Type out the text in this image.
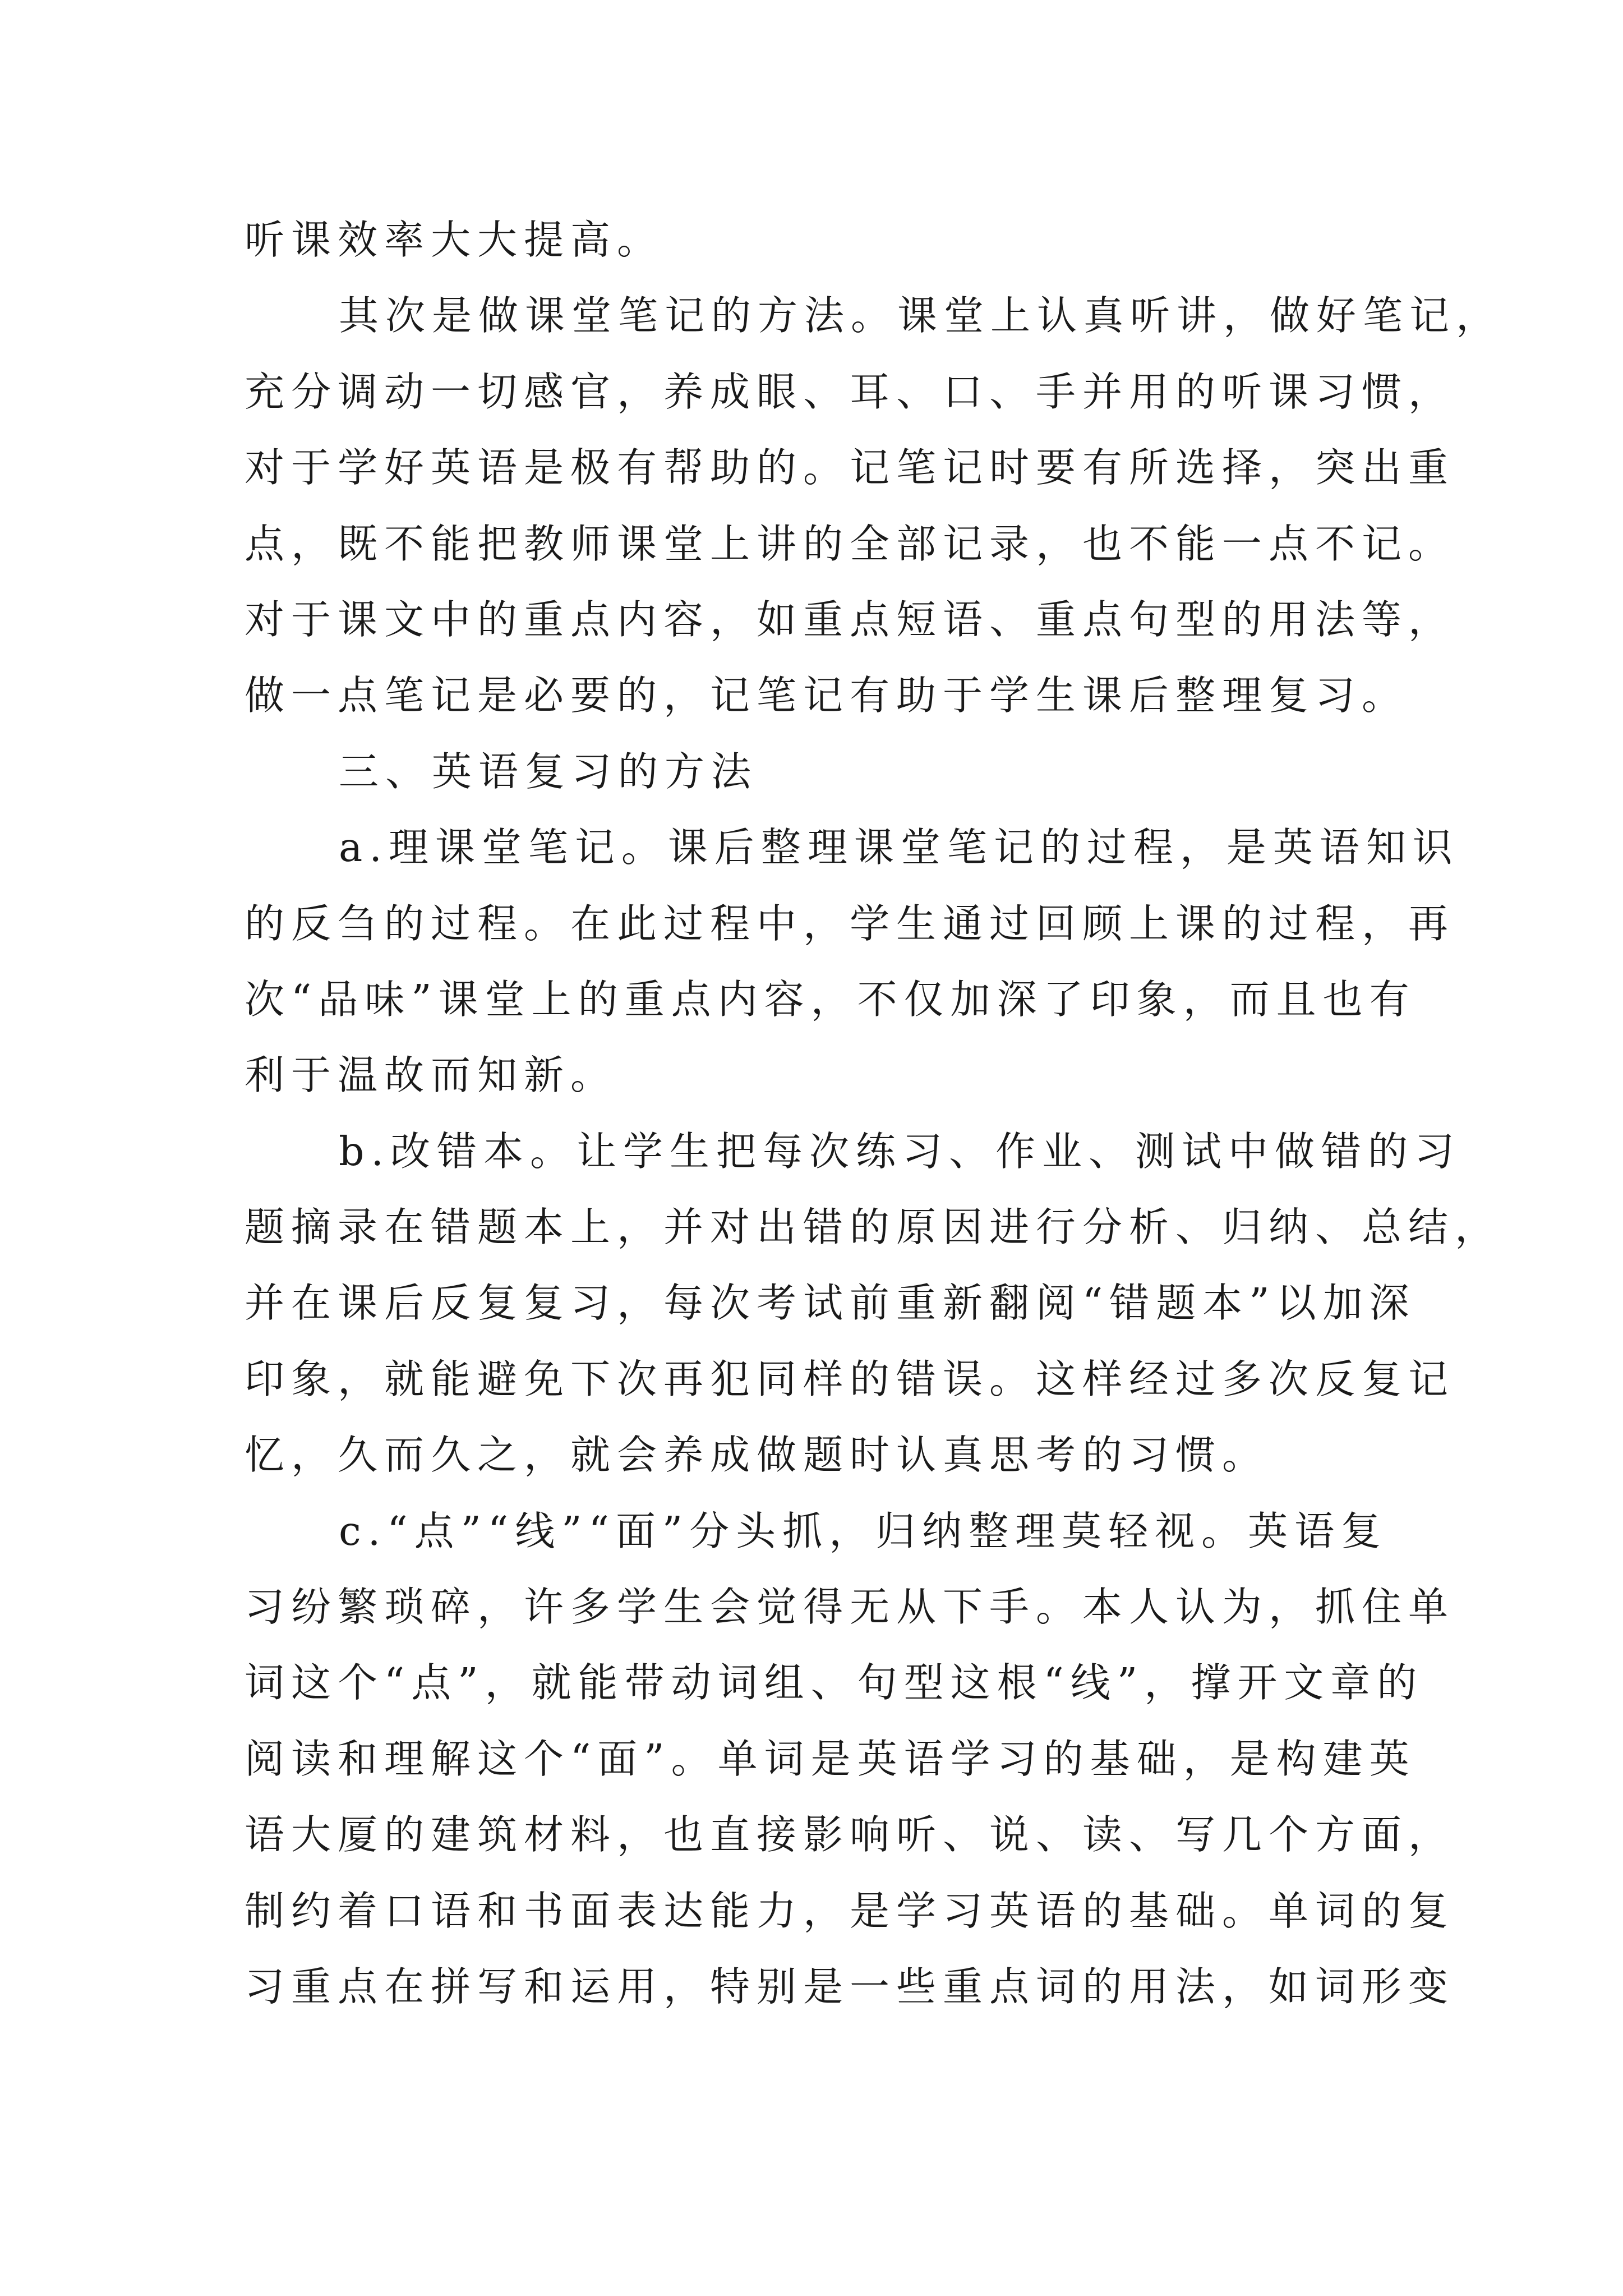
听课效率大大提高。
其次是做课堂笔记的方法。课堂上认真听讲，做好笔记，
充分调动一切感官，养成眼、耳、口、手并用的听课习惯，
对于学好英语是极有帮助的。记笔记时要有所选择，突出重
点，既不能把教师课堂上讲的全部记录，也不能一点不记。
对于课文中的重点内容，如重点短语、重点句型的用法等，
做一点笔记是必要的，记笔记有助于学生课后整理复习。
三、英语复习的方法
a.理课堂笔记。课后整理课堂笔记的过程，是英语知识
的反刍的过程。在此过程中，学生通过回顾上课的过程，再
次“品味”课堂上的重点内容，不仅加深了印象，而且也有
利于温故而知新。
b.改错本。让学生把每次练习、作业、测试中做错的习
题摘录在错题本上，并对出错的原因进行分析、归纳、总结，
并在课后反复复习，每次考试前重新翻阅“错题本”以加深
印象，就能避免下次再犯同样的错误。这样经过多次反复记
忆，久而久之，就会养成做题时认真思考的习惯。
c.“点”“线”“面”分头抓，归纳整理莫轻视。英语复
习纷繁琐碎，许多学生会觉得无从下手。本人认为，抓住单
词这个“点”，就能带动词组、句型这根“线”，撑开文章的
阅读和理解这个“面”。单词是英语学习的基础，是构建英
语大厦的建筑材料，也直接影响听、说、读、写几个方面，
制约着口语和书面表达能力，是学习英语的基础。单词的复
习重点在拼写和运用，特别是一些重点词的用法，如词形变
